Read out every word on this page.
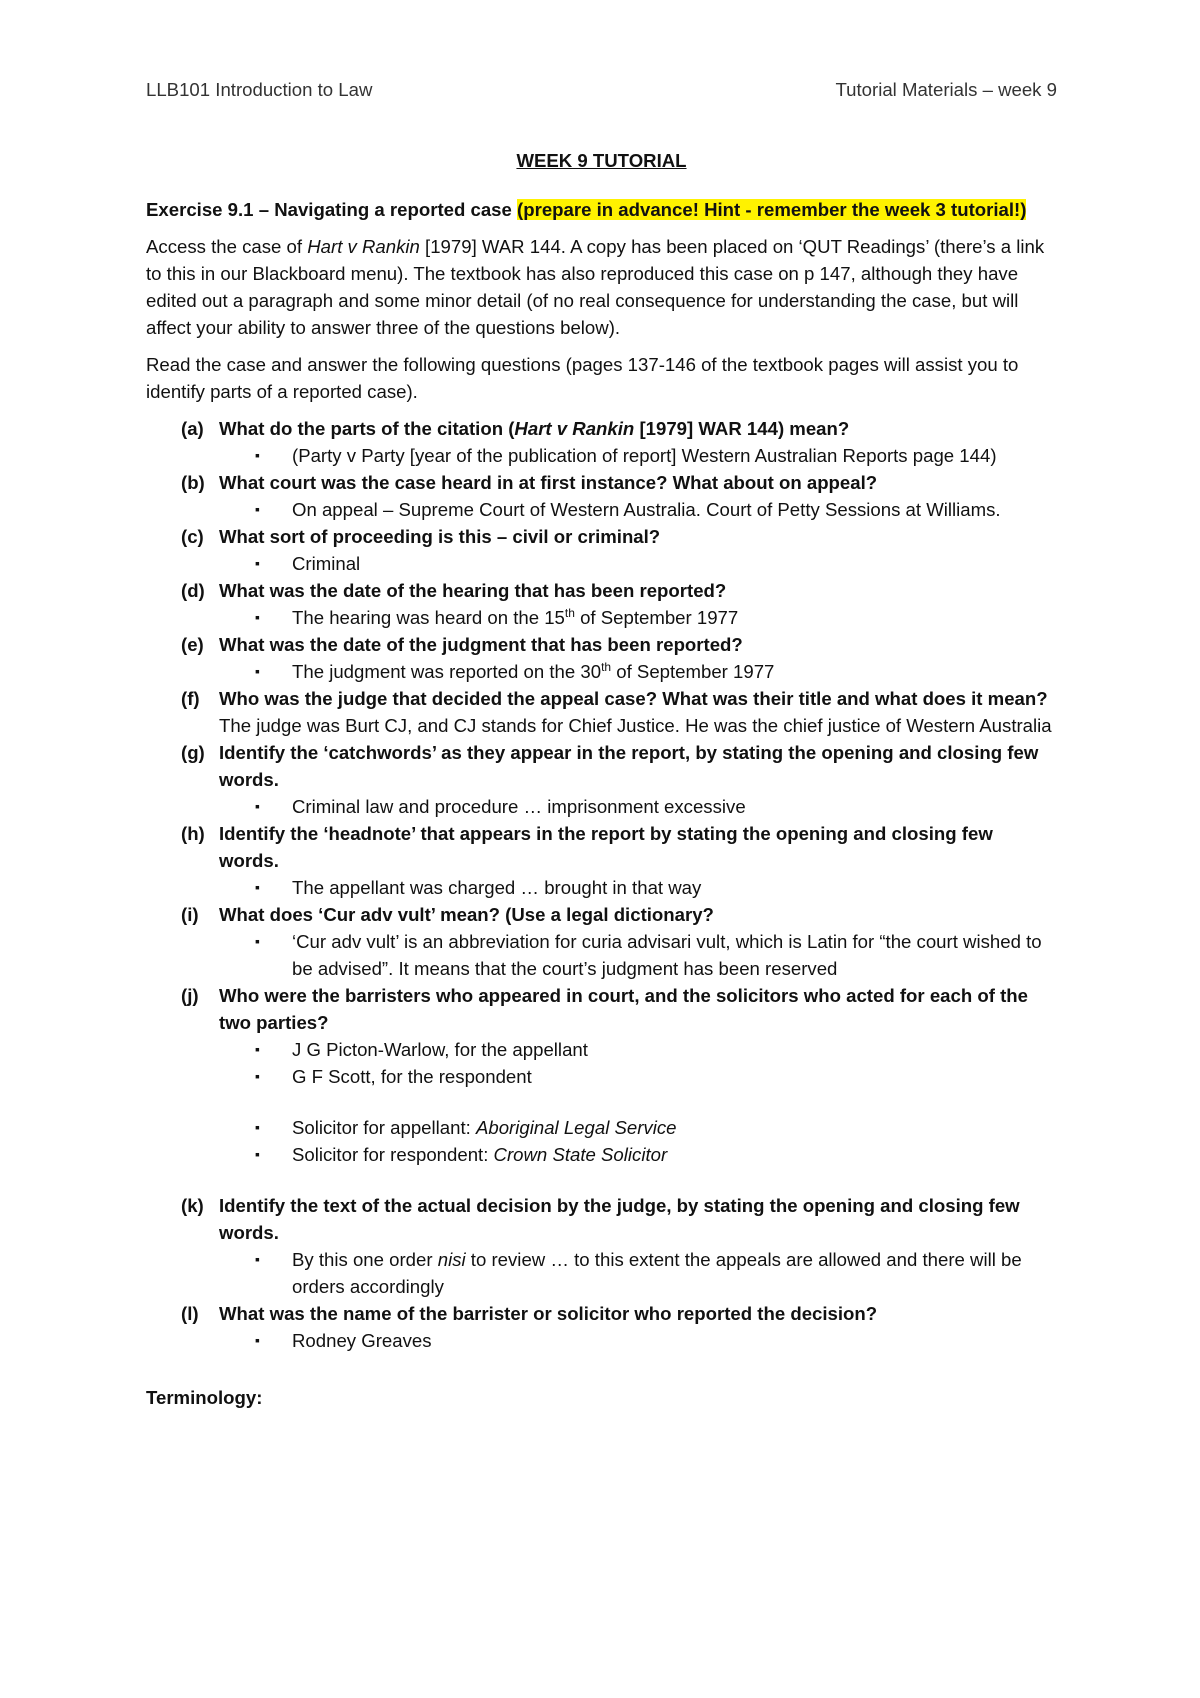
LLB101 Introduction to Law	Tutorial Materials – week 9
WEEK 9 TUTORIAL

Exercise 9.1 – Navigating a reported case (prepare in advance! Hint - remember the week 3 tutorial!)

Access the case of Hart v Rankin [1979] WAR 144. A copy has been placed on ‘QUT Readings’ (there’s a link to this in our Blackboard menu). The textbook has also reproduced this case on p 147, although they have edited out a paragraph and some minor detail (of no real consequence for understanding the case, but will affect your ability to answer three of the questions below).

Read the case and answer the following questions (pages 137-146 of the textbook pages will assist you to identify parts of a reported case).

(a) What do the parts of the citation (Hart v Rankin [1979] WAR 144) mean?
▪ (Party v Party [year of the publication of report] Western Australian Reports page 144)
(b) What court was the case heard in at first instance? What about on appeal?
▪ On appeal – Supreme Court of Western Australia. Court of Petty Sessions at Williams.
(c) What sort of proceeding is this – civil or criminal?
▪ Criminal
(d) What was the date of the hearing that has been reported?
▪ The hearing was heard on the 15th of September 1977
(e) What was the date of the judgment that has been reported?
▪ The judgment was reported on the 30th of September 1977
(f) Who was the judge that decided the appeal case? What was their title and what does it mean?
The judge was Burt CJ, and CJ stands for Chief Justice. He was the chief justice of Western Australia
(g) Identify the ‘catchwords’ as they appear in the report, by stating the opening and closing few words.
▪ Criminal law and procedure … imprisonment excessive
(h) Identify the ‘headnote’ that appears in the report by stating the opening and closing few words.
▪ The appellant was charged … brought in that way
(i) What does ‘Cur adv vult’ mean? (Use a legal dictionary?
▪ ‘Cur adv vult’ is an abbreviation for curia advisari vult, which is Latin for “the court wished to be advised”. It means that the court’s judgment has been reserved
(j) Who were the barristers who appeared in court, and the solicitors who acted for each of the two parties?
▪ J G Picton-Warlow, for the appellant
▪ G F Scott, for the respondent
▪ Solicitor for appellant: Aboriginal Legal Service
▪ Solicitor for respondent: Crown State Solicitor
(k) Identify the text of the actual decision by the judge, by stating the opening and closing few words.
▪ By this one order nisi to review … to this extent the appeals are allowed and there will be orders accordingly
(l) What was the name of the barrister or solicitor who reported the decision?
▪ Rodney Greaves
Terminology:
